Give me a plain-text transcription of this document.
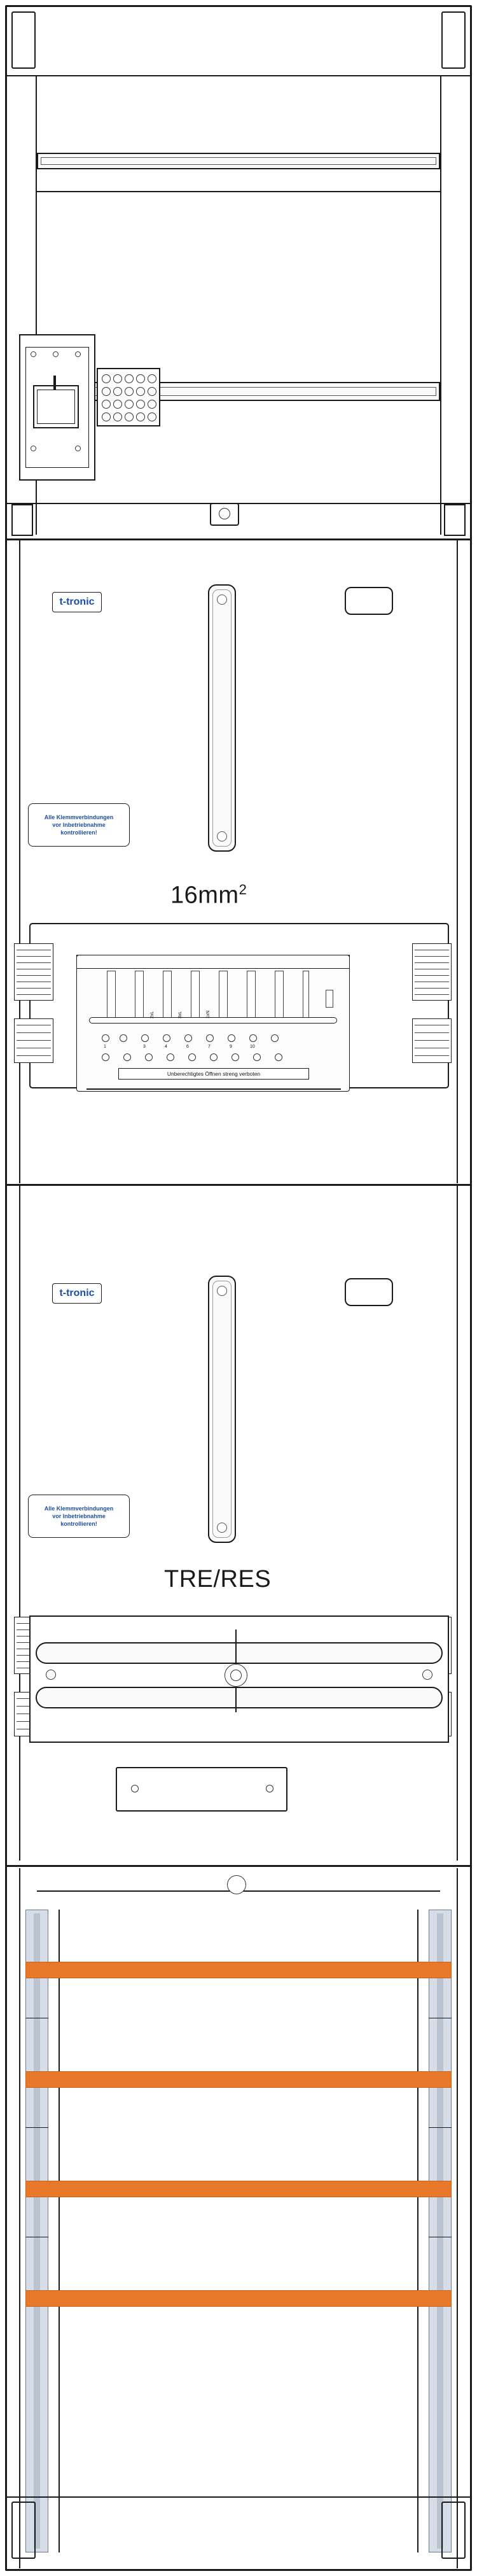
t-tronic
Alle Klemmverbindungen
vor Inbetriebnahme
kontrollieren!
$16mm^2$
2xL	3xL	1xN
1	3	4	6	7	9	10
Unberechtigtes Öffnen streng verboten
t-tronic
Alle Klemmverbindungen
vor Inbetriebnahme
kontrollieren!
TRE/RES
